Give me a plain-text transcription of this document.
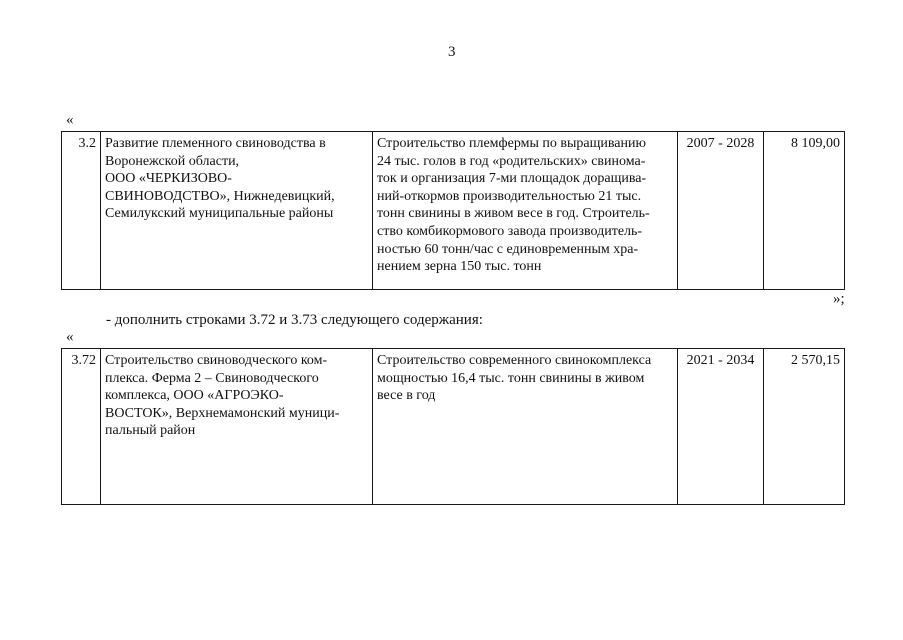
3
«
3.2	Развитие племенного свиноводства в
Воронежской области,
ООО «ЧЕРКИЗОВО-
СВИНОВОДСТВО», Нижнедевицкий,
Семилукский муниципальные районы

Строительство племфермы по выращиванию
24 тыс. голов в год «родительских» свинома-
ток и организация 7-ми площадок доращива-
ний-откормов производительностью 21 тыс.
тонн свинины в живом весе в год. Строитель-
ство комбикормового завода производитель-
ностью 60 тонн/час с единовременным хра-
нением зерна 150 тыс. тонн
	2007 - 2028	8 109,00
»;
- дополнить строками 3.72 и 3.73 следующего содержания:
«
3.72	Строительство свиноводческого ком-
плекса. Ферма 2 – Свиноводческого
комплекса, ООО «АГРОЭКО-
ВОСТОК», Верхнемамонский муници-
пальный район

Строительство современного свинокомплекса
мощностью 16,4 тыс. тонн свинины в живом
весе в год
	2021 - 2034	2 570,15
